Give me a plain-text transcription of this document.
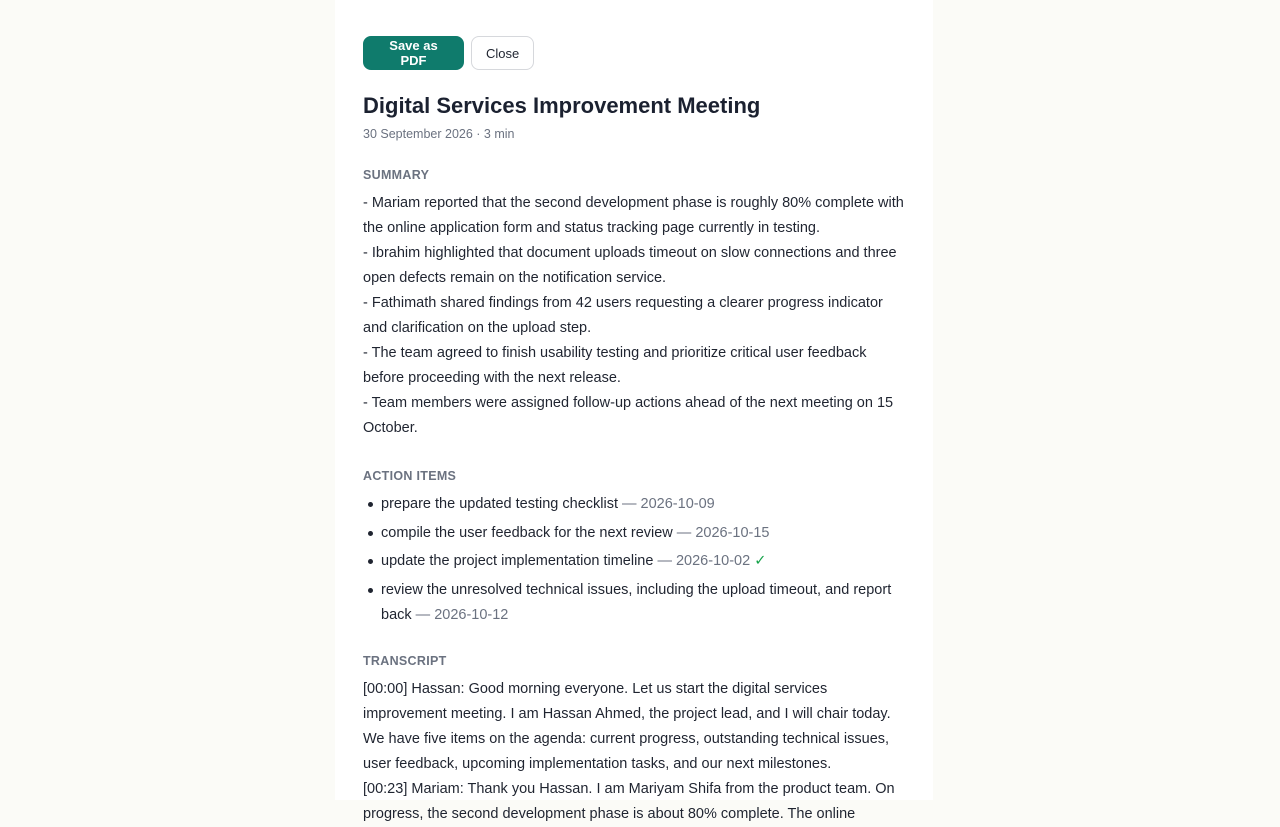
Save as PDF	Close
Digital Services Improvement Meeting
30 September 2026 · 3 min
SUMMARY
- Mariam reported that the second development phase is roughly 80% complete with the online application form and status tracking page currently in testing.
- Ibrahim highlighted that document uploads timeout on slow connections and three open defects remain on the notification service.
- Fathimath shared findings from 42 users requesting a clearer progress indicator and clarification on the upload step.
- The team agreed to finish usability testing and prioritize critical user feedback before proceeding with the next release.
- Team members were assigned follow-up actions ahead of the next meeting on 15 October.
ACTION ITEMS
prepare the updated testing checklist — 2026-10-09
compile the user feedback for the next review — 2026-10-15
update the project implementation timeline — 2026-10-02 ✓
review the unresolved technical issues, including the upload timeout, and report back — 2026-10-12
TRANSCRIPT
[00:00] Hassan: Good morning everyone. Let us start the digital services improvement meeting. I am Hassan Ahmed, the project lead, and I will chair today. We have five items on the agenda: current progress, outstanding technical issues, user feedback, upcoming implementation tasks, and our next milestones.
[00:23] Mariam: Thank you Hassan. I am Mariyam Shifa from the product team. On progress, the second development phase is about 80% complete. The online
